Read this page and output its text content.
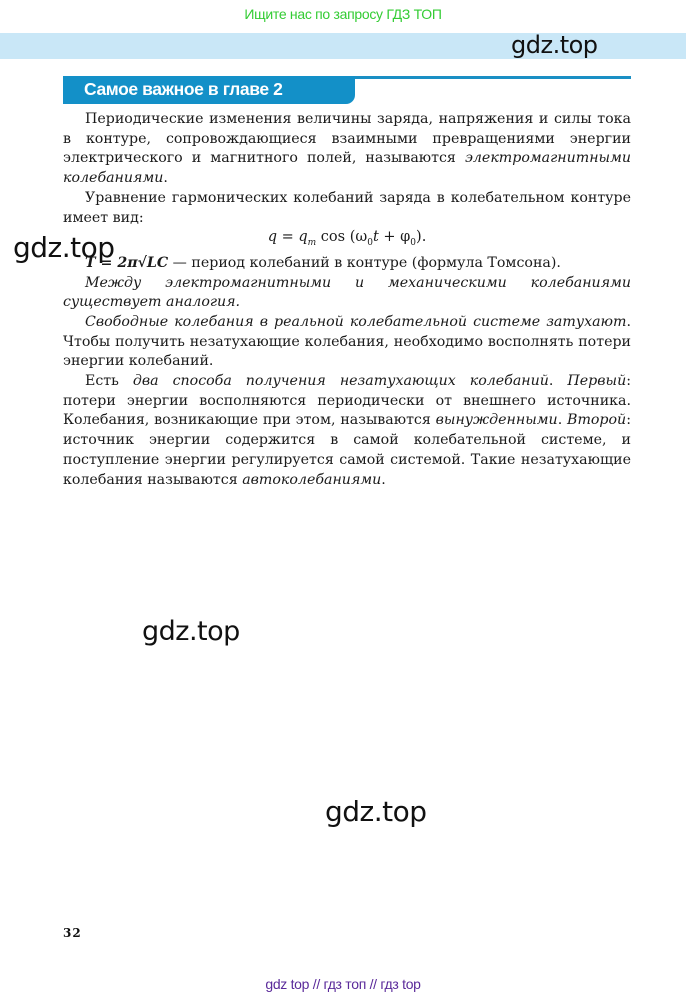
Ищите нас по запросу ГДЗ ТОП
gdz.top
Самое важное в главе 2

Периодические изменения величины заряда, напряжения и силы тока в контуре, сопровождающиеся взаимными превращениями энергии электрического и магнитного полей, называются электромагнитными колебаниями.

Уравнение гармонических колебаний заряда в колебательном контуре имеет вид:

$q = q_m$ $\cos (\omega_0t + \varphi_0)$.

T = 2π√LC — период колебаний в контуре (формула Томсона).

Между электромагнитными и механическими колебаниями существует аналогия.

Свободные колебания в реальной колебательной системе затухают. Чтобы получить незатухающие колебания, необходимо восполнять потери энергии колебаний.

Есть два способа получения незатухающих колебаний. Первый: потери энергии восполняются периодически от внешнего источника. Колебания, возникающие при этом, называются вынужденными. Второй: источник энергии содержится в самой колебательной системе, и поступление энергии регулируется самой системой. Такие незатухающие колебания называются автоколебаниями.

gdz.top
gdz.top
gdz.top
32
gdz top // гдз топ // гдз top
